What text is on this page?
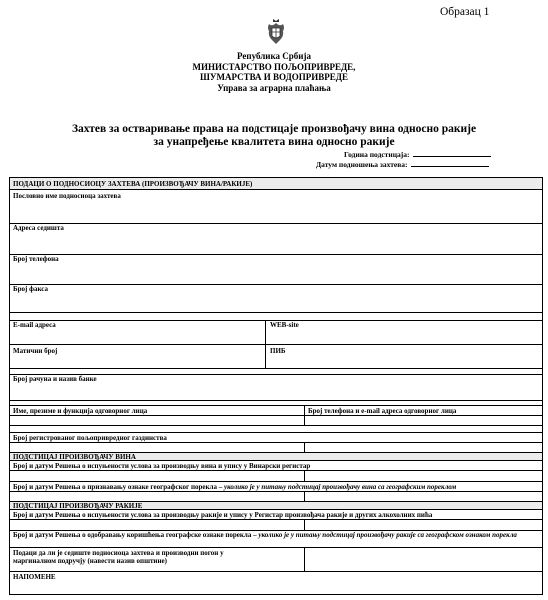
Образац 1
Република Србија
МИНИСТАРСТВО ПОЉОПРИВРЕДЕ,
ШУМАРСТВА И ВОДОПРИВРЕДЕ
Управа за аграрна плаћања
Захтев за остваривање права на подстицаје произвођачу вина односно ракије
за унапређење квалитета вина односно ракије
Година подстицаја:
Датум подношења захтева:
ПОДАЦИ О ПОДНОСИОЦУ ЗАХТЕВА (ПРОИЗВОЂАЧУ ВИНА/РАКИЈЕ)
Пословно име подносиоца захтева
Адреса седишта
Број телефона
Број факса
E-mail адреса	WEB-site
Матични број	ПИБ
Број рачуна и назив банке
Име, презиме и функција одговорног лица	Број телефона и e-mail адреса одговорног лица
Број регистрованог пољопривредног газдинства
ПОДСТИЦАЈ ПРОИЗВОЂАЧУ ВИНА
Број и датум Решења о испуњености услова за производњу вина и упису у Винарски регистар
Број и датум Решења о признавању ознаке географског порекла – уколико је у питању подстицај произвођачу вина са географским пореклом
ПОДСТИЦАЈ ПРОИЗВОЂАЧУ РАКИЈЕ
Број и датум Решења о испуњености услова за производњу ракије и упису у Регистар произвођача ракије и других алкохолних пића
Број и датум Решења о одобравању коришћења географске ознаке порекла – уколико је у питању подстицај произвођачу ракије са географском ознаком порекла
Подаци да ли је седиште подносиоца захтева и производни погон у
маргиналном подручју (навести назив општине)
НАПОМЕНЕ
